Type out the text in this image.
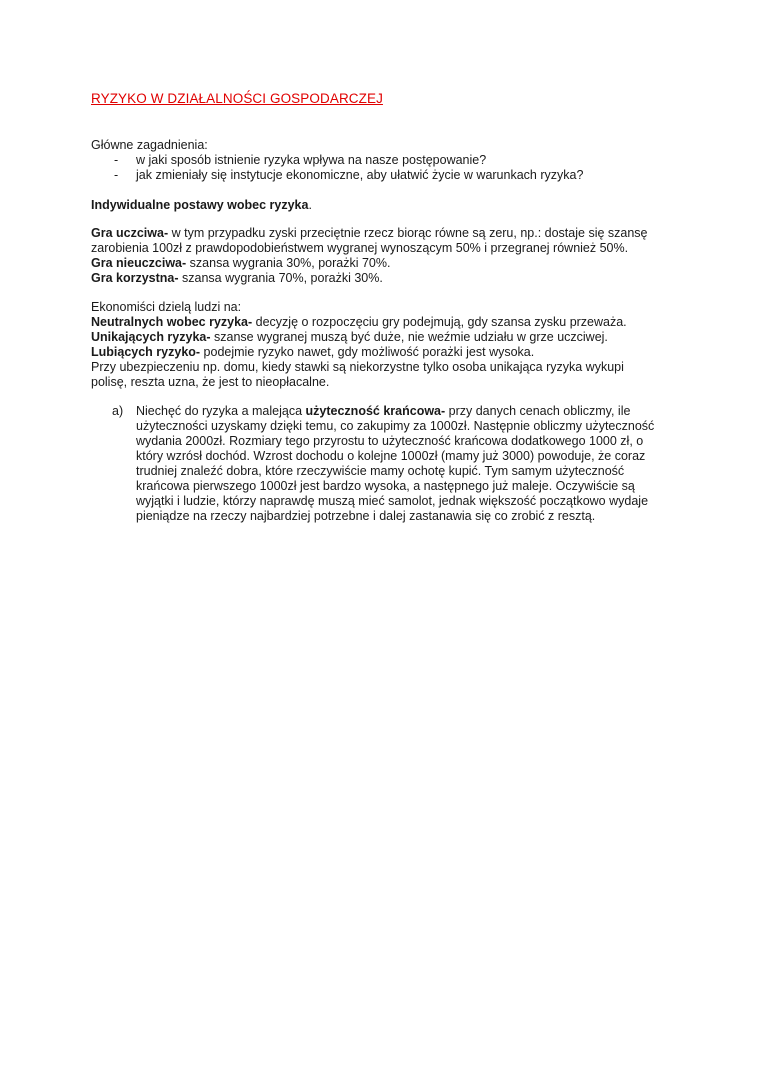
RYZYKO W DZIAŁALNOŚCI GOSPODARCZEJ
Główne zagadnienia:
- w jaki sposób istnienie ryzyka wpływa na nasze postępowanie?
- jak zmieniały się instytucje ekonomiczne, aby ułatwić życie w warunkach ryzyka?
Indywidualne postawy wobec ryzyka.
Gra uczciwa- w tym przypadku zyski przeciętnie rzecz biorąc równe są zeru, np.: dostaje się szansę
zarobienia 100zł z prawdopodobieństwem wygranej wynoszącym 50% i przegranej również 50%.
Gra nieuczciwa- szansa wygrania 30%, porażki 70%.
Gra korzystna- szansa wygrania 70%, porażki 30%.
Ekonomiści dzielą ludzi na:
Neutralnych wobec ryzyka- decyzję o rozpoczęciu gry podejmują, gdy szansa zysku przeważa.
Unikających ryzyka- szanse wygranej muszą być duże, nie weźmie udziału w grze uczciwej.
Lubiących ryzyko- podejmie ryzyko nawet, gdy możliwość porażki jest wysoka.
Przy ubezpieczeniu np. domu, kiedy stawki są niekorzystne tylko osoba unikająca ryzyka wykupi
polisę, reszta uzna, że jest to nieopłacalne.
a) Niechęć do ryzyka a malejąca użyteczność krańcowa- przy danych cenach obliczmy, ile
użyteczności uzyskamy dzięki temu, co zakupimy za 1000zł. Następnie obliczmy użyteczność
wydania 2000zł. Rozmiary tego przyrostu to użyteczność krańcowa dodatkowego 1000 zł, o
który wzrósł dochód. Wzrost dochodu o kolejne 1000zł (mamy już 3000) powoduje, że coraz
trudniej znaleźć dobra, które rzeczywiście mamy ochotę kupić. Tym samym użyteczność
krańcowa pierwszego 1000zł jest bardzo wysoka, a następnego już maleje. Oczywiście są
wyjątki i ludzie, którzy naprawdę muszą mieć samolot, jednak większość początkowo wydaje
pieniądze na rzeczy najbardziej potrzebne i dalej zastanawia się co zrobić z resztą.
